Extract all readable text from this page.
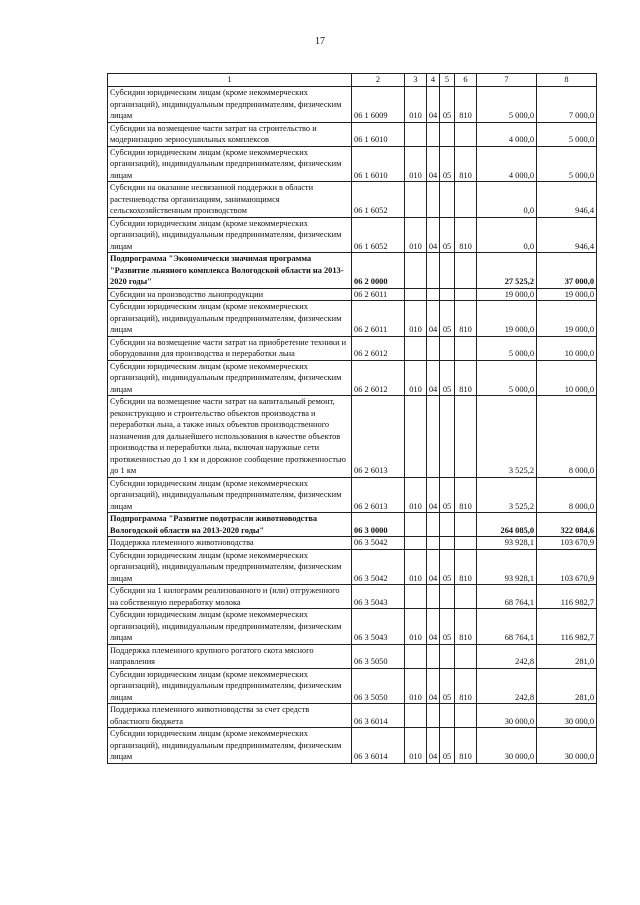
17
1	2	3	4	5	6	7	8
Субсидии юридическим лицам (кроме некоммерческих организаций), индивидуальным предпринимателям, физическим лицам	06 1 6009	010	04	05	810	5 000,0	7 000,0
Субсидии на возмещение части затрат на строительство и модернизацию зерносушильных комплексов	06 1 6010					4 000,0	5 000,0
Субсидии юридическим лицам (кроме некоммерческих организаций), индивидуальным предпринимателям, физическим лицам	06 1 6010	010	04	05	810	4 000,0	5 000,0
Субсидии на оказание несвязанной поддержки в области растениеводства организациям, занимающимся сельскохозяйственным производством	06 1 6052					0,0	946,4
Субсидии юридическим лицам (кроме некоммерческих организаций), индивидуальным предпринимателям, физическим лицам	06 1 6052	010	04	05	810	0,0	946,4
Подпрограмма "Экономически значимая программа "Развитие льняного комплекса Вологодской области на 2013-2020 годы"	06 2 0000					27 525,2	37 000,0
Субсидии на производство льнопродукции	06 2 6011					19 000,0	19 000,0
Субсидии юридическим лицам (кроме некоммерческих организаций), индивидуальным предпринимателям, физическим лицам	06 2 6011	010	04	05	810	19 000,0	19 000,0
Субсидии на возмещение части затрат на приобретение техники и оборудования для производства и переработки льна	06 2 6012					5 000,0	10 000,0
Субсидии юридическим лицам (кроме некоммерческих организаций), индивидуальным предпринимателям, физическим лицам	06 2 6012	010	04	05	810	5 000,0	10 000,0
Субсидии на возмещение части затрат на капитальный ремонт, реконструкцию и строительство объектов производства и переработки льна, а также иных объектов производственного назначения для дальнейшего использования в качестве объектов производства и переработки льна, включая наружные сети протяженностью до 1 км и дорожное сообщение протяженностью до 1 км	06 2 6013					3 525,2	8 000,0
Субсидии юридическим лицам (кроме некоммерческих организаций), индивидуальным предпринимателям, физическим лицам	06 2 6013	010	04	05	810	3 525,2	8 000,0
Подпрограмма "Развитие подотрасли животноводства Вологодской области на 2013-2020 годы"	06 3 0000					264 085,0	322 084,6
Поддержка племенного животноводства	06 3 5042					93 928,1	103 670,9
Субсидии юридическим лицам (кроме некоммерческих организаций), индивидуальным предпринимателям, физическим лицам	06 3 5042	010	04	05	810	93 928,1	103 670,9
Субсидии на 1 килограмм реализованного и (или) отгруженного на собственную переработку молока	06 3 5043					68 764,1	116 982,7
Субсидии юридическим лицам (кроме некоммерческих организаций), индивидуальным предпринимателям, физическим лицам	06 3 5043	010	04	05	810	68 764,1	116 982,7
Поддержка племенного крупного рогатого скота мясного направления	06 3 5050					242,8	281,0
Субсидии юридическим лицам (кроме некоммерческих организаций), индивидуальным предпринимателям, физическим лицам	06 3 5050	010	04	05	810	242,8	281,0
Поддержка племенного животноводства за счет средств областного бюджета	06 3 6014					30 000,0	30 000,0
Субсидии юридическим лицам (кроме некоммерческих организаций), индивидуальным предпринимателям, физическим лицам	06 3 6014	010	04	05	810	30 000,0	30 000,0
